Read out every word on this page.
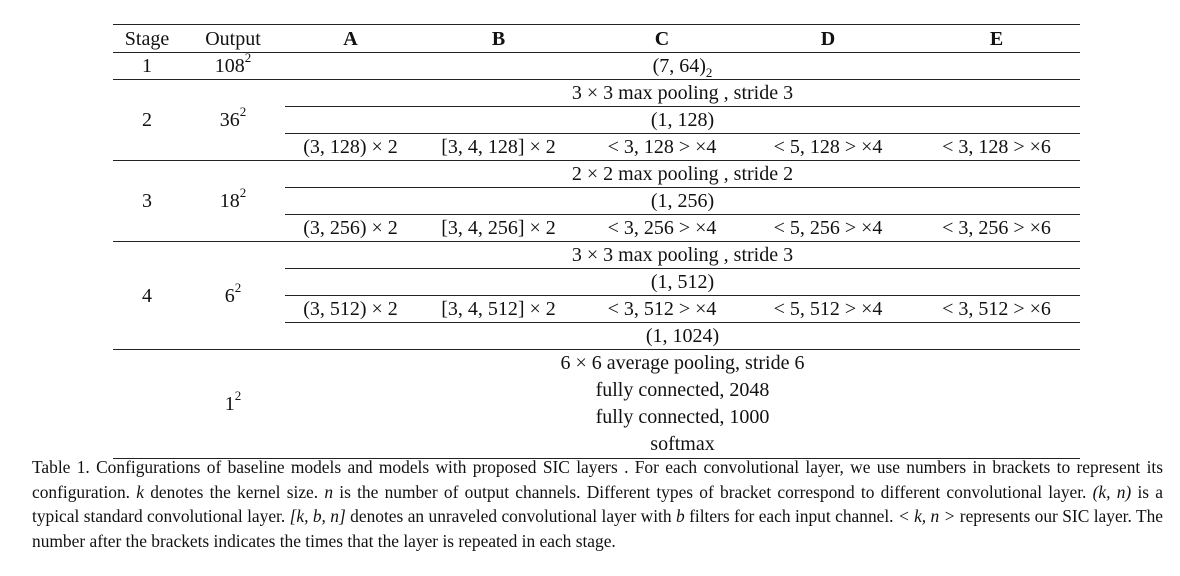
Stage	Output	A	B	C	D	E
1	$108^2$	(7, $64)_2$
2	$36^2$	3 × 3 max pooling , stride 3				
		(1, 128)				
		(3, 128) × 2	[3, 4, 128] × 2	< 3, 128 > ×4	< 5, 128 > ×4	< 3, 128 > ×6
3	$18^2$	2 × 2 max pooling , stride 2				
		(1, 256)				
		(3, 256) × 2	[3, 4, 256] × 2	< 3, 256 > ×4	< 5, 256 > ×4	< 3, 256 > ×6
4	$6^2$	3 × 3 max pooling , stride 3				
		(1, 512)				
		(3, 512) × 2	[3, 4, 512] × 2	< 3, 512 > ×4	< 5, 512 > ×4	< 3, 512 > ×6
		(1, 1024)				
	$1^2$	6 × 6 average pooling, stride 6
fully connected, 2048
fully connected, 1000
softmax				
Table 1. Configurations of baseline models and models with proposed SIC layers . For each convolutional layer, we use numbers in brackets to represent its configuration. k denotes the kernel size. n is the number of output channels. Different types of bracket correspond to different convolutional layer. (k, n) is a typical standard convolutional layer. [k, b, n] denotes an unraveled convolutional layer with b filters for each input channel. < k, n > represents our SIC layer. The number after the brackets indicates the times that the layer is repeated in each stage.
